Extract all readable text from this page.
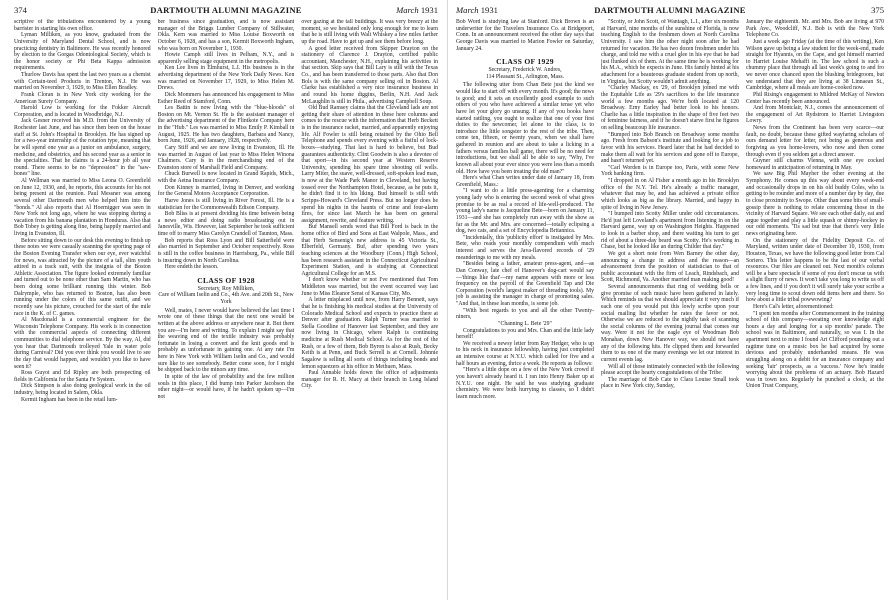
374	DARTMOUTH ALUMNI MAGAZINE	March 1931

scriptive of the tribulations encountered by a young barrister in starting his own office.

Lyman Milliken, as you know, graduated from the University of Maryland Dental School, and is now practicing dentistry in Baltimore. He was recently honored by election to the Gorgas Odontological Society, which is the honor society or Phi Beta Kappa admission requirements.

Thurlow Davis has spent the last two years as a chemist with Certain-teed Products in Trenton, N.J. He was married on November 3, 1929, to Miss Ellen Bradley.

Frank Cloran is in New York city working for the American Surety Company.

Harold Low is working for the Fokker Aircraft Corporation, and is located in Woodbridge, N.J.

Jack Gesner received his M.D. from the University of Rochester last June, and has since then been on the house staff at St. John's Hospital in Brooklyn. He has signed up for a two-year internship of the rotation type, meaning that he will spend one year as a junior on ambulance, surgery, medicine, and obstetrics, and his second year as a senior in the specialties. That he claims is a 24-hour job all year round. There seems to be no "depression" in the "saw-bones" line.

Al Wellman was married to Miss Leona O. Greenfield on June 12, 1930, and, he reports, this accounts for his not being present at the reunion. Paul Messner was among several other Dartmouth men who helped him into the "bonds." Al also reports that Al Hoernigger was seen in New York not long ago, where he was stopping during a vacation from his banana plantation in Honduras. Also that Bob Tobey is getting along fine, being happily married and living in Evanston, Ill.

Before sitting down to our desk this evening to finish up these notes we were casually scanning the sporting page of the Boston Evening Transfer when our eye, ever watchful for news, was attracted by the picture of a tall, slim youth attired in a track suit, with the insignia of the Boston Athletic Association. The figure looked extremely familiar and turned out to be none other than Sam Martin, who has been doing some brilliant running this winter. Bob Dalrymple, who has returned to Boston, has also been running under the colors of this same outfit, and we recently saw his picture, crouched for the start of the mile race in the K. of C. games.

Al Macdonald is a commercial engineer for the Wisconsin Telephone Company. His work is in connection with the commercial aspects of connecting different communities to dial telephone service. By the way, Al, did you hear that Dartmouth trolleyed Yale in water polo during Carnival? Did you ever think you would live to see the day that would happen, and wouldn't you like to have seen it?

Ross Guyot and Ed Ripley are both prospecting oil fields in California for the Santa Fe System.

Dick Simpson is also doing geological work in the oil industry, being located in Salem, Okla.

Kermit Ingham has been in the retail lum-

ber business since graduation, and is now assistant manager of the Briggs Lumber Company of Stillwater, Okla. Kern was married to Miss Louise Boxworth on October 6, 1928, and has a son, Kermit Boxworth Ingham, who was born on November 1, 1930.

Howie Camph still lives in Pelham, N.Y., and is apparently selling stage equipment in the metropolis.

Ken Lee lives in Elmhurst, L.I. His business is in the advertising department of the New York Daily News. Ken was married on November 17, 1929, to Miss Helen M. Drews.

Dick Mommers has announced his engagement to Miss Esther Reed of Stamford, Conn.

Les Battin is now living with the "blue-bloods" of Boston on Mt. Vernon St. He is the assistant manager of the advertising department of the Flintkote Company here in the "Hub." Les was married to Miss Emily P. Kimball in August, 1925. He has two daughters, Barbara and Nancy, born June, 1926, and January, 1928, respectively.

Cary Stiff and we are now living in Evanston, Ill. He was married in August of last year to Miss Helen Winona Chalmers. Cary is in the merchandising end of the Evanston store of Marshall Field and Company.

Chuck Burwell is now located in Grand Rapids, Mich., with the Aetna Insurance Company.

Don Kinney is married, living in Denver, and working for the General Motors Acceptance Corporation.

Harve Jones is still living in River Forest, Ill. He is a statistician for the Commonwealth Edison Company.

Bob Bliss is at present dividing his time between being a news editor and doing radio broadcasting out in Janesville, Wis. However, last September he took sufficient time off to marry Miss Carolyn Crandell of Taunton, Mass.

Bob reports that Ross Lyon and Bill Satterfield were also married in September and October respectively. Ross is still in the coffee business in Harrisburg, Pa., while Bill is insuring down in North Carolina.

Here endeth the lesson.

CLASS OF 1928

Secretary, Roy Milliken,

Care of William Iselin and Co., 4th Ave. and 20th St., New York

Well, mates, I never would have believed the last time I wrote one of these things that the next one would be written at the above address or anywhere near it. But there you are—I'm here and writing. To explain I might say that the weaving end of the textile industry was probably fortunate in losing a convert and the knit goods end is probably as unfortunate in gaining one. At any rate I'm here in New York with William Iselin and Co., and would sure like to see somebody. Better come soon, for I might be shipped back to the minors any time.

In spite of the law of probability and the few million souls in this place, I did bump into Parker Jacobson the other night—or would have, if he hadn't spoken up—I'm not

over gazing at the tall buildings. It was very breezy at the moment, so we hesitated only long enough for me to learn that he is still living with Walt Whiskey a few miles farther up the road. Have to get up and see them before long.

A good letter received from Skipper Drayton on the stationery of Clarence J. Drayton, certified public accountant, Manchester, N.H., explaining his activities in that section. Skip says that Bill Lary is still with the Texas Co., and has been transferred to those parts. Also that Don Bols is with the same company selling oil in Boston. Al Clarke has established a very nice insurance business in and round his home diggins, Berlin, N.H. And Jack McLaughlin is still in Phila., advertising Campbell Soup.

Old Bud Ramsey claims that the Cleveland lads are not getting their share of attention in these here columns and comes to the rescue with the information that Herb Beckett is in the insurance racket, married, and apparently enjoying life. Alf Fowler is still being retained by the Ohio Bell Telephone and spends every evening with a fistful of lock-boxes—studying. That last is hard to believe, but Bud guarantees authenticity. Clint Goodwin is also a devotee of that sport—in his second year at Western Reserve University, spending his spare time shooting oil wells. Larry Miter, the suave, well-dressed, soft-spoken lead man, is now at the Wade Park Manor in Cleveland, but having tossed over the Northampton Hotel, because, as he puts it, he didn't find it to his liking. Bud himself is still with Scripps-Howard's Cleveland Press. But no longer does he spend his nights in the haunts of crime and four-alarm fires, for since last March he has been on general assignment, rewrite, and feature writing.

Buf Mansell sends word that Bill Ford is back in the home office of Bird and Sons at East Walpole, Mass., and that Herb Sensenig's new address is 45 Victoria St., Elberfeld, Germany. Buf, after spending two years teaching sciences at the Woodbury (Conn.) High School, has been research assistant in the Connecticut Agricultural Experiment Station, and is studying at Connecticut Agricultural College for an M.S.

I don't know whether or not I've mentioned that Tom Middleton was married, but the event occurred way last June to Miss Eleanor Senst of Kansas City, Mo.

A letter misplaced until now, from Harry Bennett, says that he is finishing his medical studies at the University of Colorado Medical School and expects to practice there at Denver after graduation. Ralph Turner was married to Stella Goodline of Hanover last September, and they are now living in Chicago, where Ralph is continuing medicine at Rush Medical School. As for the rest of the Rush, or a few of them, Bob Byron is also at Rush, Becky Keith is at Penn, and Buck Serrell is at Cornell. Johnnie Sagalow is selling all sorts of things including bonds and lemon squeezers at his office in Methuen, Mass.

Paul Annable holds down the office of adjustments manager for R. H. Macy at their branch in Long Island City.

March 1931	DARTMOUTH ALUMNI MAGAZINE	375

Bob Word is studying law at Stanford. Dick Brown is an underwriter for the Travelers Insurance Co. at Bridgeport, Conn. In an announcement received the other day says that George Davis was married to Marion Fowler on Saturday, January 24.

CLASS OF 1929

Secretary, Frederick W. Andres,

114 Pleasant St., Arlington, Mass.

The following utter from Chan Bete just the kind we would like to start off with every month. It's good; the news is good; and it sets an excellently good example to such others of you who have achieved a similar tense yet who have let your glory go unsung. If any of you books have started rattling, you ought to realize that one of your first duties to the newcomer, let alone to the class, is to introduce the little songster to the rest of the tribe. Then, come ten, fifteen, or twenty years, when we shall have gathered in reunion and are about to take a licking in a fathers versus families ball game, there will be no need for introductions, but we shall all be able to say, "Why, I've known all about your ever since you were less than a month old. How have you been treating the old man?"

Here's what Chan writes under date of January 18, from Greenfield, Mass.:

"I want to do a little press-agenting for a charming young lady who is entering the second week of what gives promise to be as real a record of life-well-produced. The young lady's name is Jacqueline Bete—born on January 11, 1931—and she has completely run away with the show as far as the Mr. and Mrs. are concerned—totally eclipsing a dog, two cats, and a set of Encyclopedia Britannica.

"Incidentally, this 'publicity effort' is instigated by Mrs. Bete, who reads your monthly compendium with much interest and serves the Java-flavored records of '29 meanderings to me with my meals.

"Besides being a father, amateur press-agent, and—as Dan Conway, late chef of Hanover's dog-cart would say—'things like that'—my name appears with more or less frequency on the payroll of the Greenfield Tap and Die Corporation (world's largest maker of threading tools). My job is assisting the manager in charge of promoting sales. "And that, in these lean months, is some job.

"With best regards to you and all the other Twenty-niners,

"Channing L. Bete '29"

Congratulations to you and Mrs. Chan and the little lady herself!

We received a newsy letter from Ray Hedger, who is up to his neck in insurance fellowship, having just completed an intensive course at N.Y.U. which called for five and a half hours an evening, thrice a week. He reports as follows:

"Here's a little dope on a few of the New York crowd if you haven't already heard it. I ran into Henry Baker up at N.Y.U. one night. He said he was studying graduate chemistry. We were both hurrying to classes, so I didn't learn much more.

"Scotty, or John Scott, of Wantagh, L.I., after six months at Harvard, nine months of the sunshine of Florida, is now teaching English to the freshmen down at North Carolina University. I saw him the other night soon after he had returned for vacation. He has two dozen freshmen under his charge, and told me with a cruel glee in his eye that he had just flunked six of them. At the same time he is working for his M.A., which he expects in June. His family hinted at his attachment for a beauteous graduate student from up north, in Virginia, but Scotty wouldn't admit anything.

"Charley Mackay, ex '29, of Brooklyn joined me with the Equitable Life as '29's sacrifices to the life insurance world a few months ago. We're both located at 120 Broadway. Erny Earley had better look to his honors. Charlie has a little inspiration in the shape of five feet two of feminine fairness, and if he doesn't starve first he figures on selling beaucoup life insurance.

"Bumped into Bob Branch on Broadway some months ago. Fresh from Babson's institute and looking for a job to favor with his services. Heard later that he had decided to make them all wait for his services and gone off to Europe, and hasn't returned yet.

"Carl Worden is in Europe too, Paris, with some New York banking firm.

"I dropped in on Al Fisher a month ago in his Brooklyn office of the N.Y. Tel. He's already a traffic manager, whatever that may be, and has achieved a private office which looks as big as the library. Married, and happy in spite of living in New Jersey.

"I bumped into Scotty Miller under odd circumstances. He'd just left Loveland's apartment from listening in on the Harvard game, way up on Washington Heights. Happened to look in a barber shop, and there waiting his turn to get rid of about a three-day beard was Scotty. He's working in Chase, but he looked like an during Childer that day."

We got a short note from Wen Barney the other day, announcing a change in address and the reason—an advancement from the position of statistician to that of public accountant with the firm of Leach, Rindsbach, and Scott, Richmond, Va. Another married man making good!

Several announcements that ring of wedding bells or give promise of such music have been gathered in lately. Which reminds us that we should appreciate it very much if each one of you would put this lowly scribe upon your social mailing list whether he rates the favor or not. Otherwise we are reduced to the nightly task of scanning the social columns of the evening journal that comes our way. Were it not for the eagle eye of Woodman Bob Monahan, down New Hanover way, we should not have any of the following hits. He clipped them and forwarded them to us one of the many evenings we let our interest in current events lag.

Will all of those intimately connected with the following please accept the hearty congratulations of the Tribe:

The marriage of Bob Cate to Clara Louise Small took place in New York city, Sunday,

January the eighteenth. Mr. and Mrs. Bob are living at 970 Park Ave., Woodcliff, N.J. Bob is with the New York Telephone Co.

Just a week ago Friday (at the time of this writing), Ken Wilson gave up being a law student for the week-end, made straight for Hyannis, on the Cape, and got himself married to Harriet Louise Mehaffi in. The law school is such a chummy place that through all last week's going to and fro we never once chanced upon the blushing bridegroom, but we understand that they are living at 38 Linnaean St., Cambridge, where all meals are home-cooked now.

Phil Rising's engagement to Mildred McKay of Newton Center has recently been announced.

And from Montclair, N.J., comes the announcement of the engagement of Art Rydstrom to Harriet Livingston Lowry.

News from the Continent has been very scarce—our fault, no doubt, because these gifted wayfaring scholars of ours demand letter for letter, not being as generous and forgiving as you home-lovers, who now and then come through even if you seldom get a direct answer.

Guyner still charms Vienna, with one eye cocked homeward in anticipation of returning in May.

We saw Big Phil Mayher the other evening at the Symphony. He comes up this way about every week-end and occasionally drops in on his old buddy Coles, who is getting to be rounder and more of a number day by day, due to close proximity to Swope. Other than some bits of small-gossip there is nothing to relate concerning those in the vicinity of Harvard Square. We see each other daily, eat and argue together and play a little squash or shinny-hockey in our odd moments. 'Tis sad but true that there's very little news originating here.

On the stationery of the Fidelity Deposit Co. of Maryland, written under date of December 10, 1930, from Houston, Texas, we have the following good letter from Cal Soriero. This letter happens to be the last of our verbal resources. Our files are cleaned out. Next month's column will be a bare spectacle if some of you don't rescue us with a slight flurry of news. It won't take you long to write us off a few lines, and if you don't it will surely take your scribe a very long time to scout down odd items here and there. So how about a little tribal powwowing?

Here's Cal's letter, aforementioned:

"I spent ten months after Commencement in the training school of this company—sweating over knowledge eight hours a day and longing for a sip months' parade. The school was in Baltimore, and naturally, so was I. In the apartment next to mine I found Art Clifford pounding out a ragtime tune on a music box he had acquired by some devious and probably underhanded means. He was struggling along on a debit for an insurance company and seeking 'fair' prospects, as a 'success.' Now he's inside worrying about the problems of an actuary. Bob Hazard was in town too. Regularly he punched a clock, at the Union Trust Company,
